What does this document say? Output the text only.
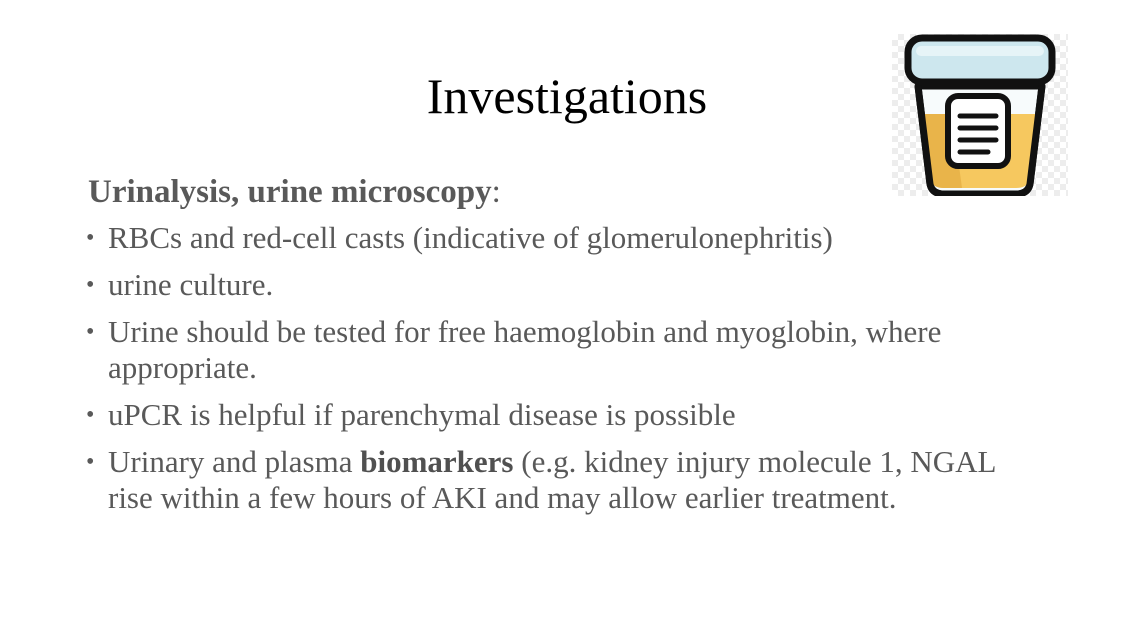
Investigations
Urinalysis, urine microscopy:
• RBCs and red-cell casts (indicative of glomerulonephritis)
• urine culture.
• Urine should be tested for free haemoglobin and myoglobin, where appropriate.
• uPCR is helpful if parenchymal disease is possible
• Urinary and plasma biomarkers (e.g. kidney injury molecule 1, NGAL rise within a few hours of AKI and may allow earlier treatment.
